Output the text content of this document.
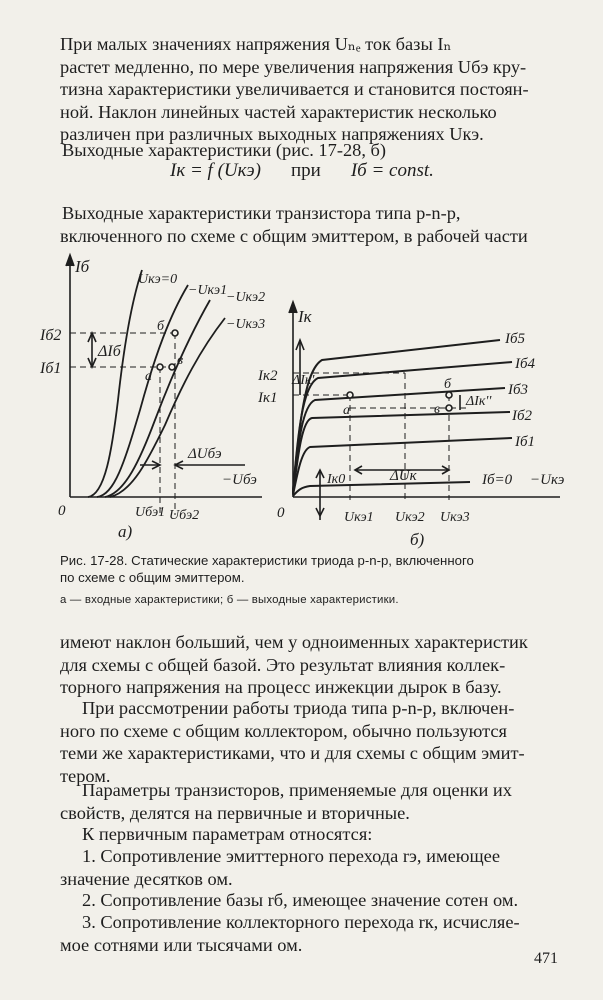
При малых значениях напряжения Uₙₑ ток базы Iₙ
растет медленно, по мере увеличения напряжения Uбэ кру-
тизна характеристики увеличивается и становится постоян-
ной. Наклон линейных частей характеристик несколько
различен при различных выходных напряжениях Uкэ.
Выходные характеристики (рис. 17-28, б)
Iк = f (Uкэ) при Iб = const.
Выходные характеристики транзистора типа p-n-p,
включенного по схеме с общим эмиттером, в рабочей части
Iб
Uкэ=0
−Uкэ1
−Uкэ2
−Uкэ3
Iб2
Iб1
ΔIб
б
а
в
ΔUбэ
−Uбэ
0	Uбэ1 Uбэ2
а)
Iк
Iб5
Iб4
Iб3
Iб2
Iб1
Iб=0 −Uкэ
Iк2
Iк1
ΔIк'
ΔIк''
а
б
в
Iк0	ΔUк
0	Uкэ1 Uкэ2 Uкэ3
б)
Рис. 17-28. Статические характеристики триода p-n-p, включенного
по схеме с общим эмиттером.
а — входные характеристики; б — выходные характеристики.
имеют наклон больший, чем у одноименных характеристик
для схемы с общей базой. Это результат влияния коллек-
торного напряжения на процесс инжекции дырок в базу.
При рассмотрении работы триода типа p-n-p, включен-
ного по схеме с общим коллектором, обычно пользуются
теми же характеристиками, что и для схемы с общим эмит-
тером.
Параметры транзисторов, применяемые для оценки их
свойств, делятся на первичные и вторичные.
К первичным параметрам относятся:
1. Сопротивление эмиттерного перехода rэ, имеющее
значение десятков ом.
2. Сопротивление базы rб, имеющее значение сотен ом.
3. Сопротивление коллекторного перехода rк, исчисляе-
мое сотнями или тысячами ом.
471
